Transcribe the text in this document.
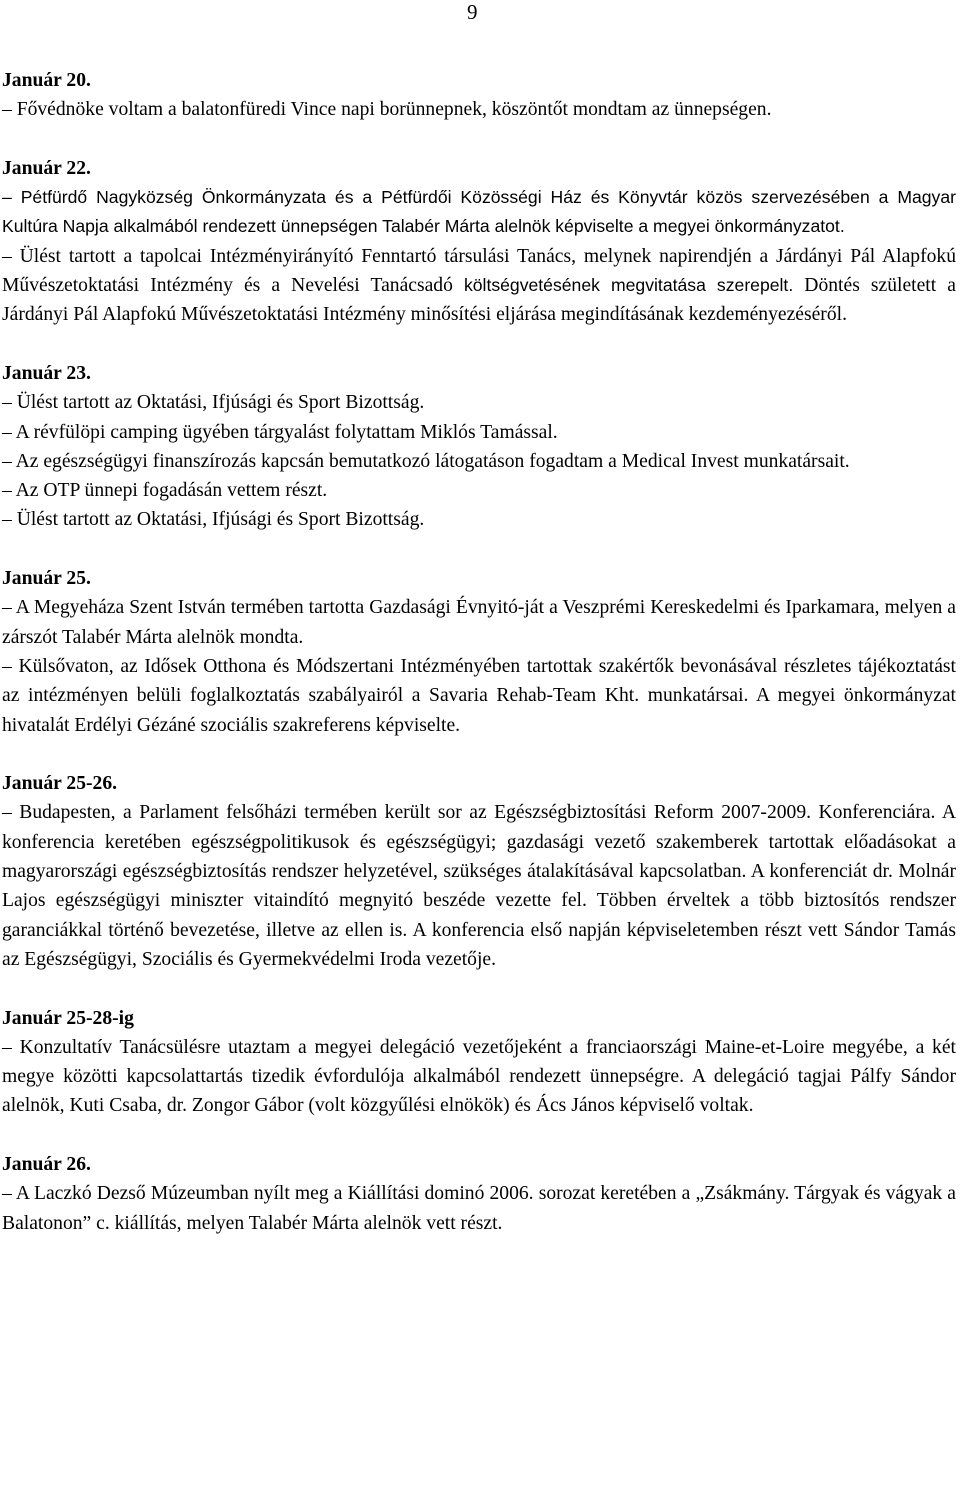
9

Január 20.

– Fővédnöke voltam a balatonfüredi Vince napi borünnepnek, köszöntőt mondtam az ünnepségen.

Január 22.

– Pétfürdő Nagyközség Önkormányzata és a Pétfürdői Közösségi Ház és Könyvtár közös szervezésében a Magyar Kultúra Napja alkalmából rendezett ünnepségen Talabér Márta alelnök képviselte a megyei önkormányzatot.

– Ülést tartott a tapolcai Intézményirányító Fenntartó társulási Tanács, melynek napirendjén a Járdányi Pál Alapfokú Művészetoktatási Intézmény és a Nevelési Tanácsadó költségvetésének megvitatása szerepelt. Döntés született a Járdányi Pál Alapfokú Művészetoktatási Intézmény minősítési eljárása megindításának kezdeményezéséről.

Január 23.

– Ülést tartott az Oktatási, Ifjúsági és Sport Bizottság.

– A révfülöpi camping ügyében tárgyalást folytattam Miklós Tamással.

– Az egészségügyi finanszírozás kapcsán bemutatkozó látogatáson fogadtam a Medical Invest munkatársait.

– Az OTP ünnepi fogadásán vettem részt.

– Ülést tartott az Oktatási, Ifjúsági és Sport Bizottság.

Január 25.

– A Megyeháza Szent István termében tartotta Gazdasági Évnyitó-ját a Veszprémi Kereskedelmi és Iparkamara, melyen a zárszót Talabér Márta alelnök mondta.

– Külsővaton, az Idősek Otthona és Módszertani Intézményében tartottak szakértők bevonásával részletes tájékoztatást az intézményen belüli foglalkoztatás szabályairól a Savaria Rehab-Team Kht. munkatársai. A megyei önkormányzat hivatalát Erdélyi Gézáné szociális szakreferens képviselte.

Január 25-26.

– Budapesten, a Parlament felsőházi termében került sor az Egészségbiztosítási Reform 2007-2009. Konferenciára. A konferencia keretében egészségpolitikusok és egészségügyi; gazdasági vezető szakemberek tartottak előadásokat a magyarországi egészségbiztosítás rendszer helyzetével, szükséges átalakításával kapcsolatban. A konferenciát dr. Molnár Lajos egészségügyi miniszter vitaindító megnyitó beszéde vezette fel. Többen érveltek a több biztosítós rendszer garanciákkal történő bevezetése, illetve az ellen is. A konferencia első napján képviseletemben részt vett Sándor Tamás az Egészségügyi, Szociális és Gyermekvédelmi Iroda vezetője.

Január 25-28-ig

– Konzultatív Tanácsülésre utaztam a megyei delegáció vezetőjeként a franciaországi Maine-et-Loire megyébe, a két megye közötti kapcsolattartás tizedik évfordulója alkalmából rendezett ünnepségre. A delegáció tagjai Pálfy Sándor alelnök, Kuti Csaba, dr. Zongor Gábor (volt közgyűlési elnökök) és Ács János képviselő voltak.

Január 26.

– A Laczkó Dezső Múzeumban nyílt meg a Kiállítási dominó 2006. sorozat keretében a „Zsákmány. Tárgyak és vágyak a Balatonon” c. kiállítás, melyen Talabér Márta alelnök vett részt.
